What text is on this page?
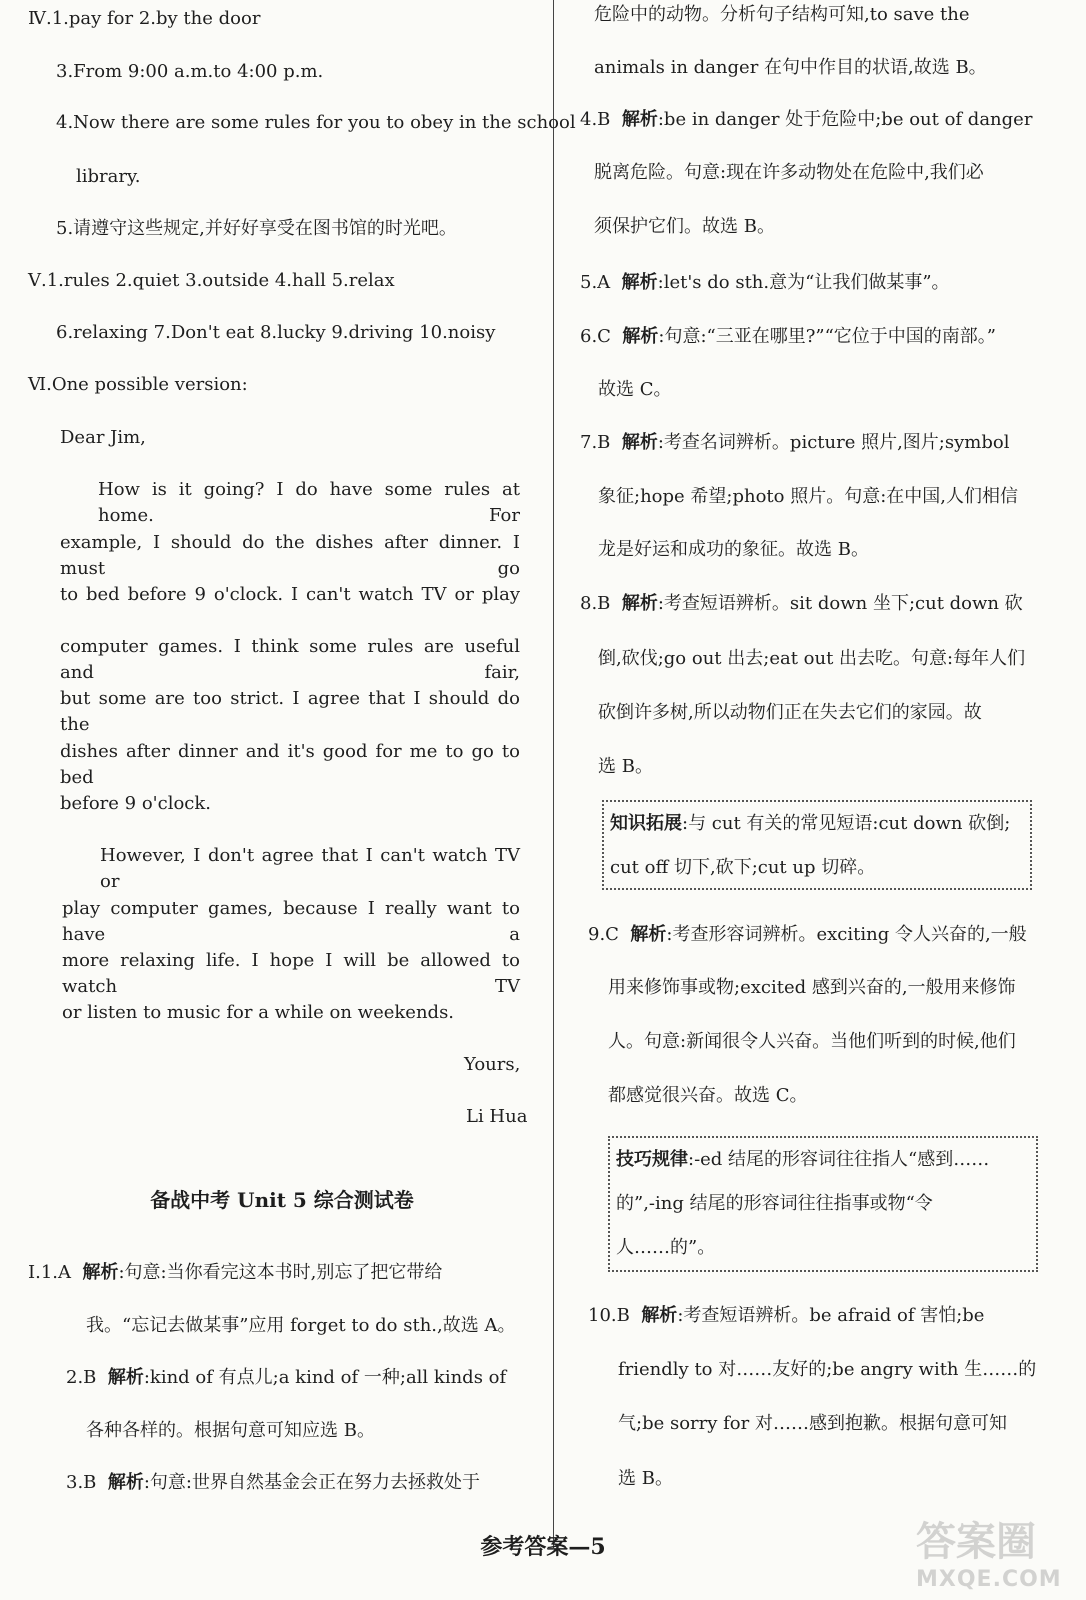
Ⅳ.1.pay for 2.by the door
3.From 9:00 a.m.to 4:00 p.m.
4.Now there are some rules for you to obey in the school
library.
5.请遵守这些规定,并好好享受在图书馆的时光吧。
Ⅴ.1.rules 2.quiet 3.outside 4.hall 5.relax
6.relaxing 7.Don't eat 8.lucky 9.driving 10.noisy
Ⅵ.One possible version:
Dear Jim,
How is it going? I do have some rules at home. For
example, I should do the dishes after dinner. I must go
to bed before 9 o'clock. I can't watch TV or play
computer games. I think some rules are useful and fair,
but some are too strict. I agree that I should do the
dishes after dinner and it's good for me to go to bed
before 9 o'clock.
However, I don't agree that I can't watch TV or
play computer games, because I really want to have a
more relaxing life. I hope I will be allowed to watch TV
or listen to music for a while on weekends.
Yours,
Li Hua
备战中考 Unit 5 综合测试卷
Ⅰ.1.A 解析:句意:当你看完这本书时,别忘了把它带给
我。“忘记去做某事”应用 forget to do sth.,故选 A。
2.B 解析:kind of 有点儿;a kind of 一种;all kinds of
各种各样的。根据句意可知应选 B。
3.B 解析:句意:世界自然基金会正在努力去拯救处于
危险中的动物。分析句子结构可知,to save the
animals in danger 在句中作目的状语,故选 B。
4.B 解析:be in danger 处于危险中;be out of danger
脱离危险。句意:现在许多动物处在危险中,我们必
须保护它们。故选 B。
5.A 解析:let's do sth.意为“让我们做某事”。
6.C 解析:句意:“三亚在哪里?”“它位于中国的南部。”
故选 C。
7.B 解析:考查名词辨析。picture 照片,图片;symbol
象征;hope 希望;photo 照片。句意:在中国,人们相信
龙是好运和成功的象征。故选 B。
8.B 解析:考查短语辨析。sit down 坐下;cut down 砍
倒,砍伐;go out 出去;eat out 出去吃。句意:每年人们
砍倒许多树,所以动物们正在失去它们的家园。故
选 B。
知识拓展:与 cut 有关的常见短语:cut down 砍倒;
cut off 切下,砍下;cut up 切碎。
9.C 解析:考查形容词辨析。exciting 令人兴奋的,一般
用来修饰事或物;excited 感到兴奋的,一般用来修饰
人。句意:新闻很令人兴奋。当他们听到的时候,他们
都感觉很兴奋。故选 C。
技巧规律:-ed 结尾的形容词往往指人“感到……
的”,-ing 结尾的形容词往往指事或物“令
人……的”。
10.B 解析:考查短语辨析。be afraid of 害怕;be
friendly to 对……友好的;be angry with 生……的
气;be sorry for 对……感到抱歉。根据句意可知
选 B。
参考答案—5	答案圈
MXQE.COM
